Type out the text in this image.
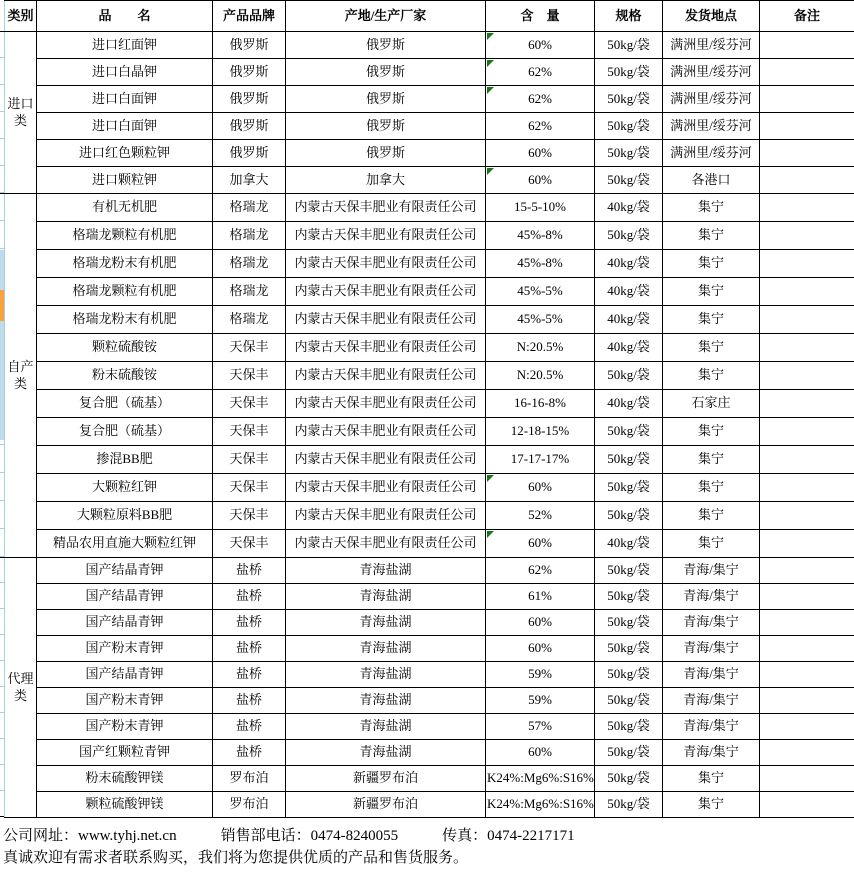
类别	品　　名	产品品牌	产地/生产厂家	含　量	规格	发货地点	备注
进口类	进口红面钾	俄罗斯	俄罗斯	60%	50kg/袋	满洲里/绥芬河	
	进口白晶钾	俄罗斯	俄罗斯	62%	50kg/袋	满洲里/绥芬河	
	进口白面钾	俄罗斯	俄罗斯	62%	50kg/袋	满洲里/绥芬河	
	进口白面钾	俄罗斯	俄罗斯	62%	50kg/袋	满洲里/绥芬河	
	进口红色颗粒钾	俄罗斯	俄罗斯	60%	50kg/袋	满洲里/绥芬河	
	进口颗粒钾	加拿大	加拿大	60%	50kg/袋	各港口	
自产类	有机无机肥	格瑞龙	内蒙古天保丰肥业有限责任公司	15-5-10%	40kg/袋	集宁	
	格瑞龙颗粒有机肥	格瑞龙	内蒙古天保丰肥业有限责任公司	45%-8%	50kg/袋	集宁	
	格瑞龙粉末有机肥	格瑞龙	内蒙古天保丰肥业有限责任公司	45%-8%	40kg/袋	集宁	
	格瑞龙颗粒有机肥	格瑞龙	内蒙古天保丰肥业有限责任公司	45%-5%	40kg/袋	集宁	
	格瑞龙粉末有机肥	格瑞龙	内蒙古天保丰肥业有限责任公司	45%-5%	40kg/袋	集宁	
	颗粒硫酸铵	天保丰	内蒙古天保丰肥业有限责任公司	N:20.5%	40kg/袋	集宁	
	粉末硫酸铵	天保丰	内蒙古天保丰肥业有限责任公司	N:20.5%	50kg/袋	集宁	
	复合肥（硫基）	天保丰	内蒙古天保丰肥业有限责任公司	16-16-8%	40kg/袋	石家庄	
	复合肥（硫基）	天保丰	内蒙古天保丰肥业有限责任公司	12-18-15%	50kg/袋	集宁	
	掺混BB肥	天保丰	内蒙古天保丰肥业有限责任公司	17-17-17%	50kg/袋	集宁	
	大颗粒红钾	天保丰	内蒙古天保丰肥业有限责任公司	60%	50kg/袋	集宁	
	大颗粒原料BB肥	天保丰	内蒙古天保丰肥业有限责任公司	52%	50kg/袋	集宁	
	精品农用直施大颗粒红钾	天保丰	内蒙古天保丰肥业有限责任公司	60%	40kg/袋	集宁	
代理类	国产结晶青钾	盐桥	青海盐湖	62%	50kg/袋	青海/集宁	
	国产结晶青钾	盐桥	青海盐湖	61%	50kg/袋	青海/集宁	
	国产结晶青钾	盐桥	青海盐湖	60%	50kg/袋	青海/集宁	
	国产粉末青钾	盐桥	青海盐湖	60%	50kg/袋	青海/集宁	
	国产结晶青钾	盐桥	青海盐湖	59%	50kg/袋	青海/集宁	
	国产粉末青钾	盐桥	青海盐湖	59%	50kg/袋	青海/集宁	
	国产粉末青钾	盐桥	青海盐湖	57%	50kg/袋	青海/集宁	
	国产红颗粒青钾	盐桥	青海盐湖	60%	50kg/袋	青海/集宁	
	粉末硫酸钾镁	罗布泊	新疆罗布泊	K24%:Mg6%:S16%	50kg/袋	集宁	
	颗粒硫酸钾镁	罗布泊	新疆罗布泊	K24%:Mg6%:S16%	50kg/袋	集宁	
公司网址：www.tyhj.net.cn	销售部电话：0474-8240055	传真：0474-2217171
真诚欢迎有需求者联系购买，我们将为您提供优质的产品和售货服务。
